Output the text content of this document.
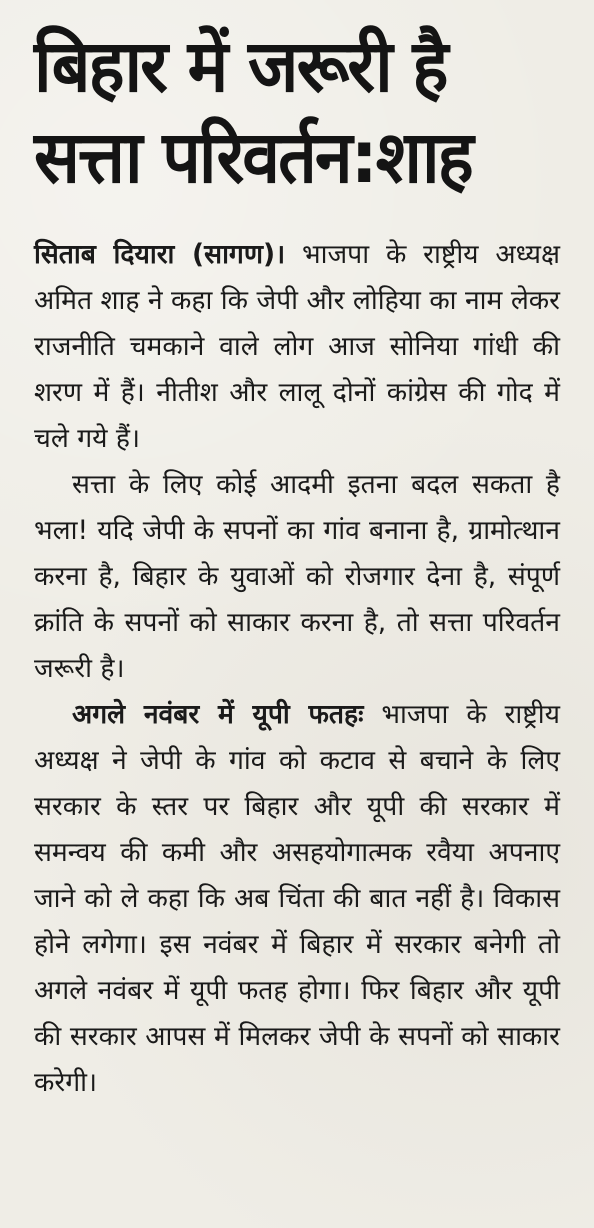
बिहार में जरूरी है
सत्ता परिवर्तन:शाह

सिताब दियारा (सागण)। भाजपा के राष्ट्रीय अध्यक्ष अमित शाह ने कहा कि जेपी और लोहिया का नाम लेकर राजनीति चमकाने वाले लोग आज सोनिया गांधी की शरण में हैं। नीतीश और लालू दोनों कांग्रेस की गोद में चले गये हैं।

सत्ता के लिए कोई आदमी इतना बदल सकता है भला! यदि जेपी के सपनों का गांव बनाना है, ग्रामोत्थान करना है, बिहार के युवाओं को रोजगार देना है, संपूर्ण क्रांति के सपनों को साकार करना है, तो सत्ता परिवर्तन जरूरी है।

अगले नवंबर में यूपी फतहः भाजपा के राष्ट्रीय अध्यक्ष ने जेपी के गांव को कटाव से बचाने के लिए सरकार के स्तर पर बिहार और यूपी की सरकार में समन्वय की कमी और असहयोगात्मक रवैया अपनाए जाने को ले कहा कि अब चिंता की बात नहीं है। विकास होने लगेगा। इस नवंबर में बिहार में सरकार बनेगी तो अगले नवंबर में यूपी फतह होगा। फिर बिहार और यूपी की सरकार आपस में मिलकर जेपी के सपनों को साकार करेगी।
